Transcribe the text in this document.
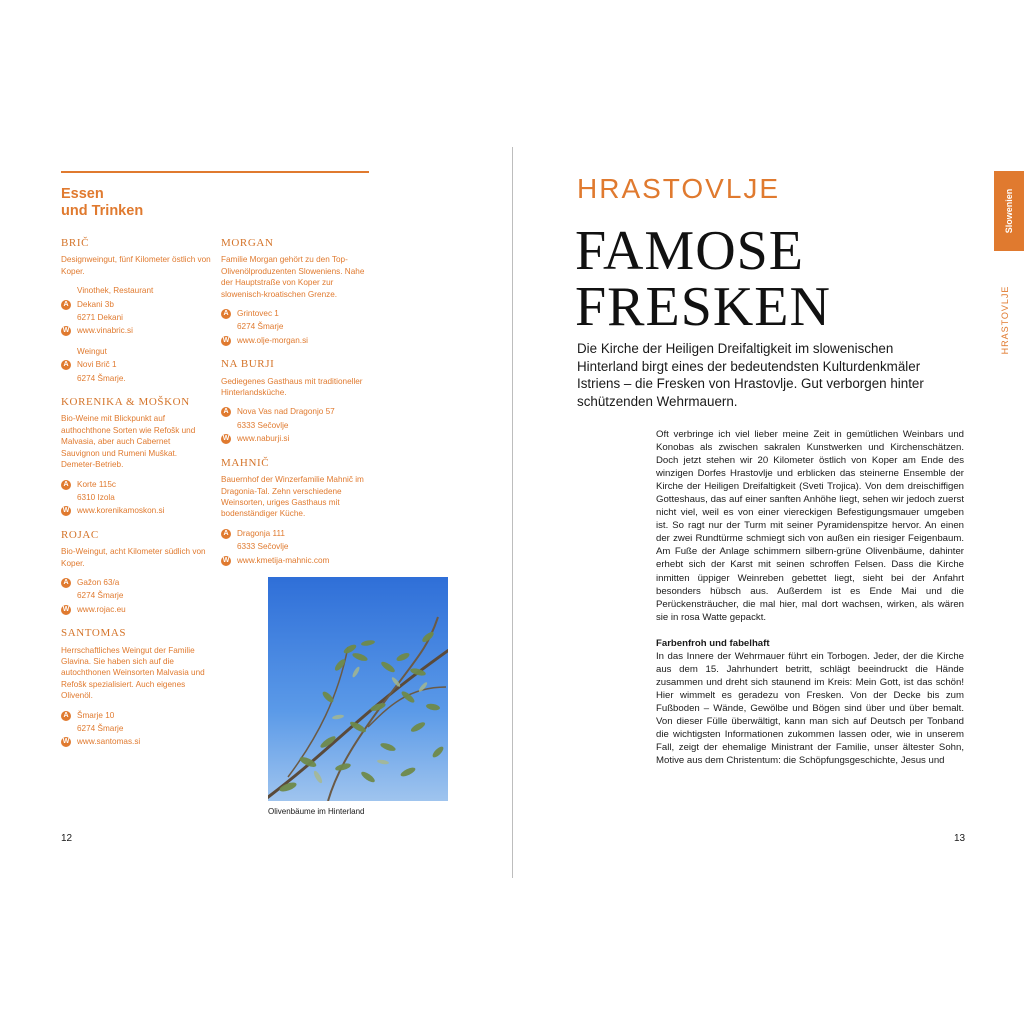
Essen
und Trinken
BRIČ
Designweingut, fünf Kilometer östlich von Koper.
Vinothek, Restaurant
A	Dekani 3b
6271 Dekani
W www.vinabric.si
Weingut
A	Novi Brič 1
6274 Šmarje.
KORENIKA & MOŠKON
Bio-Weine mit Blickpunkt auf authochthone Sorten wie Refošk und Malvasia, aber auch Cabernet Sauvignon und Rumeni Muškat. Demeter-Betrieb.
A	Korte 115c
6310 Izola
W www.korenikamoskon.si
ROJAC
Bio-Weingut, acht Kilometer südlich von Koper.
A	Gažon 63/a
6274 Šmarje
W www.rojac.eu
SANTOMAS
Herrschaftliches Weingut der Familie Glavina. Sie haben sich auf die autochthonen Weinsorten Malvasia und Refošk spezialisiert. Auch eigenes Olivenöl.
A	Šmarje 10
6274 Šmarje
W www.santomas.si
MORGAN
Familie Morgan gehört zu den Top-Olivenölproduzenten Sloweniens. Nahe der Hauptstraße von Koper zur slowenisch-kroatischen Grenze.
A	Grintovec 1
6274 Šmarje
W www.olje-morgan.si
NA BURJI
Gediegenes Gasthaus mit traditioneller Hinterlandsküche.
A	Nova Vas nad Dragonjo 57
6333 Sečovlje
W www.naburji.si
MAHNIČ
Bauernhof der Winzerfamilie Mahnič im Dragonia-Tal. Zehn verschiedene Weinsorten, uriges Gasthaus mit bodenständiger Küche.
A	Dragonja 111
6333 Sečovlje
W www.kmetija-mahnic.com
Olivenbäume im Hinterland
12
HRASTOVLJE
FAMOSE
FRESKEN
Die Kirche der Heiligen Dreifaltigkeit im slowenischen Hinterland birgt eines der bedeutendsten Kulturdenkmäler Istriens – die Fresken von Hrastovlje. Gut verborgen hinter schützenden Wehrmauern.

Oft verbringe ich viel lieber meine Zeit in gemütlichen Weinbars und Konobas als zwischen sakralen Kunstwerken und Kirchenschätzen. Doch jetzt stehen wir 20 Kilometer östlich von Koper am Ende des winzigen Dorfes Hrastovlje und erblicken das steinerne Ensemble der Kirche der Heiligen Dreifaltigkeit (Sveti Trojica). Von dem dreischiffigen Gotteshaus, das auf einer sanften Anhöhe liegt, sehen wir jedoch zuerst nicht viel, weil es von einer viereckigen Befestigungsmauer umgeben ist. So ragt nur der Turm mit seiner Pyramidenspitze hervor. An einen der zwei Rundtürme schmiegt sich von außen ein riesiger Feigenbaum. Am Fuße der Anlage schimmern silbern-grüne Olivenbäume, dahinter erhebt sich der Karst mit seinen schroffen Felsen. Dass die Kirche inmitten üppiger Weinreben gebettet liegt, sieht bei der Anfahrt besonders hübsch aus. Außerdem ist es Ende Mai und die Perückensträucher, die mal hier, mal dort wachsen, wirken, als wären sie in rosa Watte gepackt.

Farbenfroh und fabelhaft

In das Innere der Wehrmauer führt ein Torbogen. Jeder, der die Kirche aus dem 15. Jahrhundert betritt, schlägt beeindruckt die Hände zusammen und dreht sich staunend im Kreis: Mein Gott, ist das schön! Hier wimmelt es geradezu von Fresken. Von der Decke bis zum Fußboden – Wände, Gewölbe und Bögen sind über und über bemalt. Von dieser Fülle überwältigt, kann man sich auf Deutsch per Tonband die wichtigsten Informationen zukommen lassen oder, wie in unserem Fall, zeigt der ehemalige Ministrant der Familie, unser ältester Sohn, Motive aus dem Christentum: die Schöpfungsgeschichte, Jesus und

13
Slowenien
HRASTOVLJE
